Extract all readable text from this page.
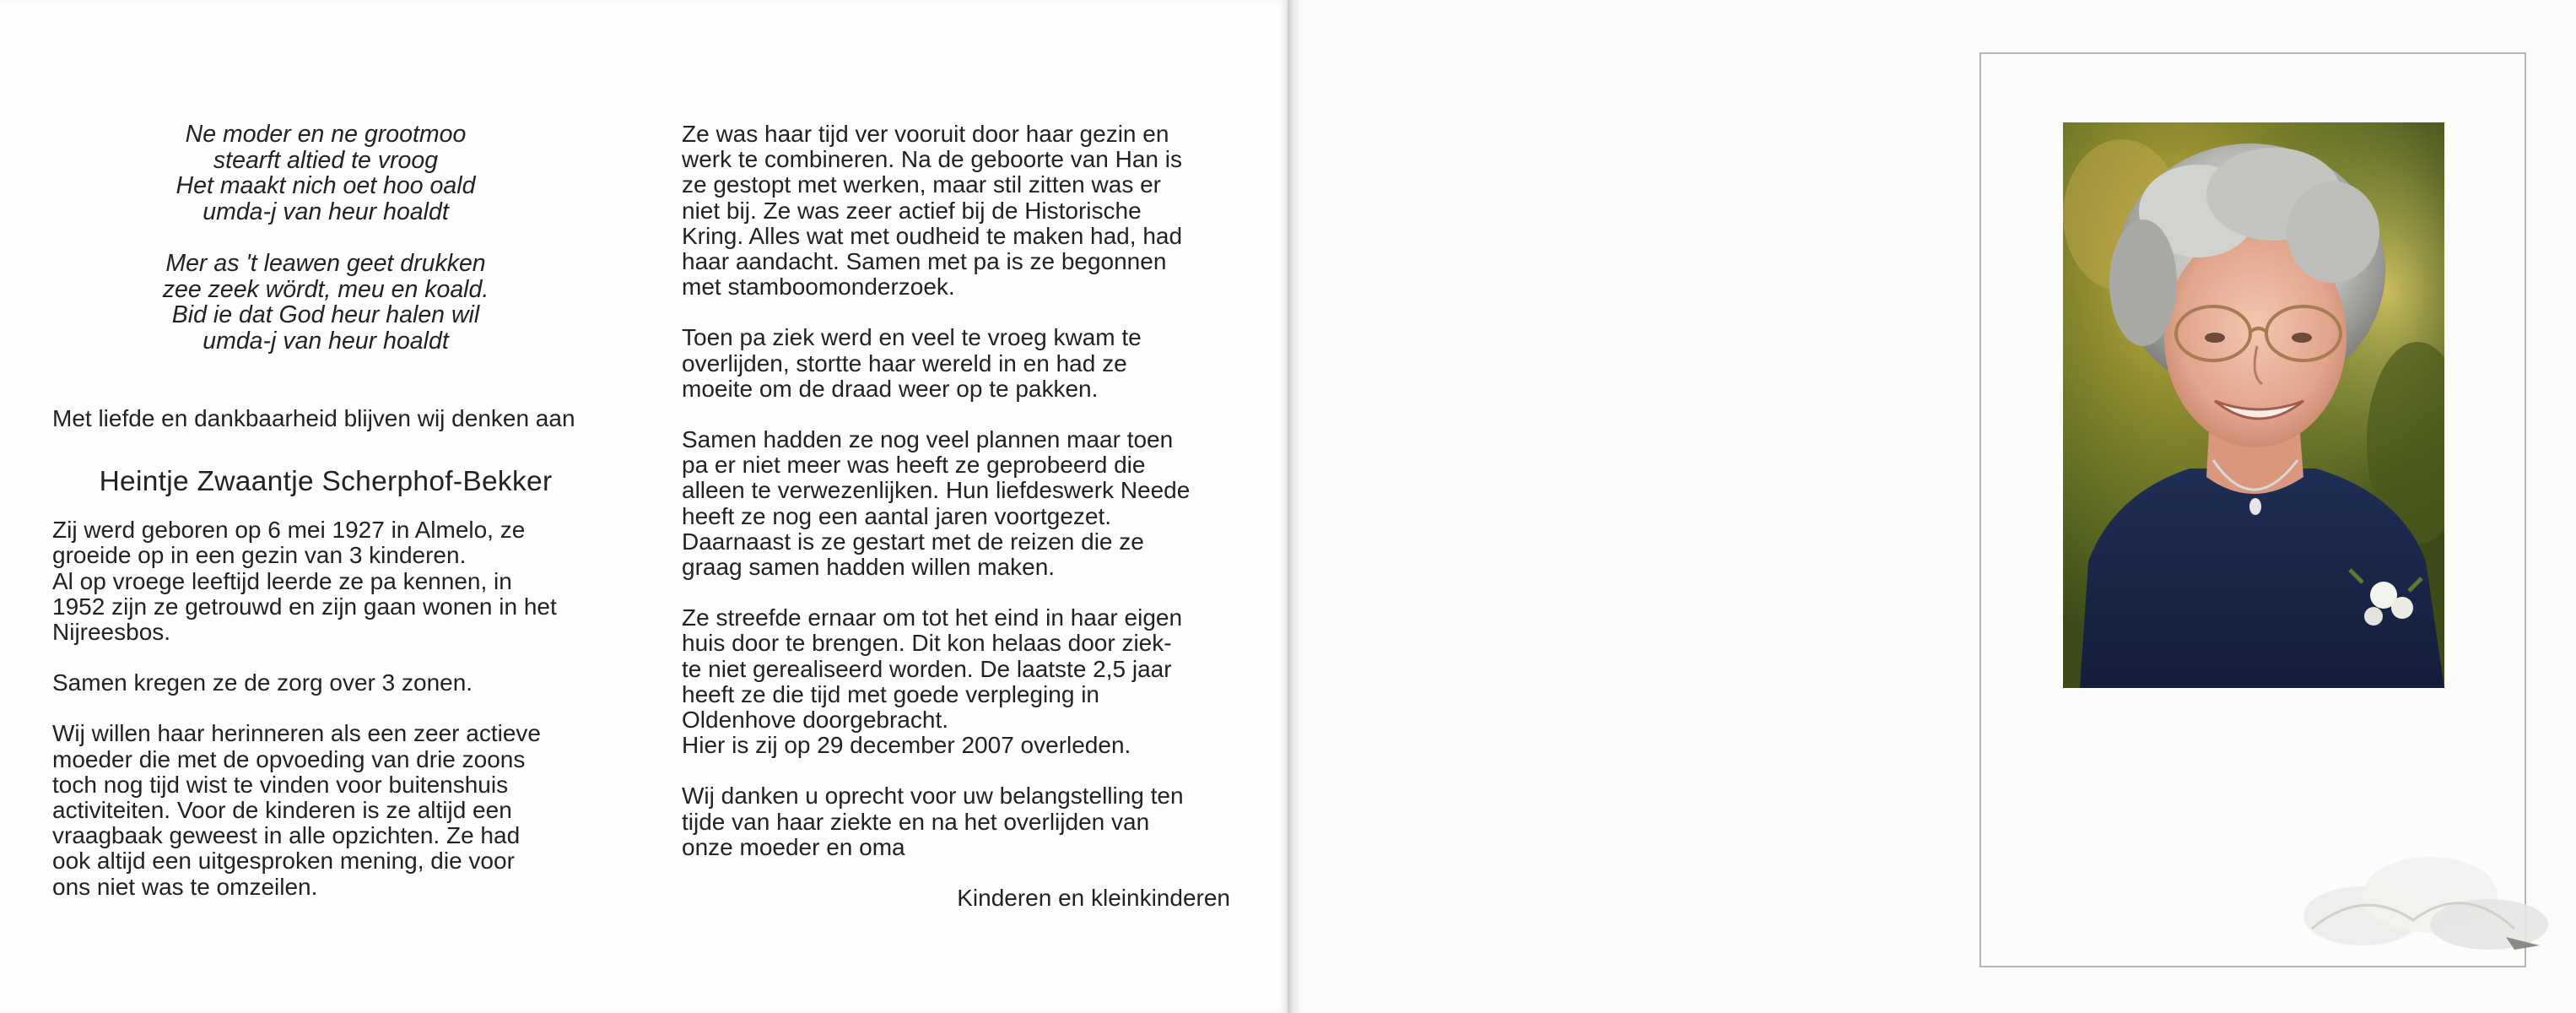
Ne moder en ne grootmoo
stearft altied te vroog
Het maakt nich oet hoo oald
umda-j van heur hoaldt
Mer as 't leawen geet drukken
zee zeek wördt, meu en koald.
Bid ie dat God heur halen wil
umda-j van heur hoaldt
Met liefde en dankbaarheid blijven wij denken aan
Heintje Zwaantje Scherphof-Bekker
Zij werd geboren op 6 mei 1927 in Almelo, ze
groeide op in een gezin van 3 kinderen.
Al op vroege leeftijd leerde ze pa kennen, in
1952 zijn ze getrouwd en zijn gaan wonen in het
Nijreesbos.
Samen kregen ze de zorg over 3 zonen.
Wij willen haar herinneren als een zeer actieve
moeder die met de opvoeding van drie zoons
toch nog tijd wist te vinden voor buitenshuis
activiteiten. Voor de kinderen is ze altijd een
vraagbaak geweest in alle opzichten. Ze had
ook altijd een uitgesproken mening, die voor
ons niet was te omzeilen.
Ze was haar tijd ver vooruit door haar gezin en
werk te combineren. Na de geboorte van Han is
ze gestopt met werken, maar stil zitten was er
niet bij. Ze was zeer actief bij de Historische
Kring. Alles wat met oudheid te maken had, had
haar aandacht. Samen met pa is ze begonnen
met stamboomonderzoek.
Toen pa ziek werd en veel te vroeg kwam te
overlijden, stortte haar wereld in en had ze
moeite om de draad weer op te pakken.
Samen hadden ze nog veel plannen maar toen
pa er niet meer was heeft ze geprobeerd die
alleen te verwezenlijken. Hun liefdeswerk Neede
heeft ze nog een aantal jaren voortgezet.
Daarnaast is ze gestart met de reizen die ze
graag samen hadden willen maken.
Ze streefde ernaar om tot het eind in haar eigen
huis door te brengen. Dit kon helaas door ziek-
te niet gerealiseerd worden. De laatste 2,5 jaar
heeft ze die tijd met goede verpleging in
Oldenhove doorgebracht.
Hier is zij op 29 december 2007 overleden.
Wij danken u oprecht voor uw belangstelling ten
tijde van haar ziekte en na het overlijden van
onze moeder en oma
Kinderen en kleinkinderen
